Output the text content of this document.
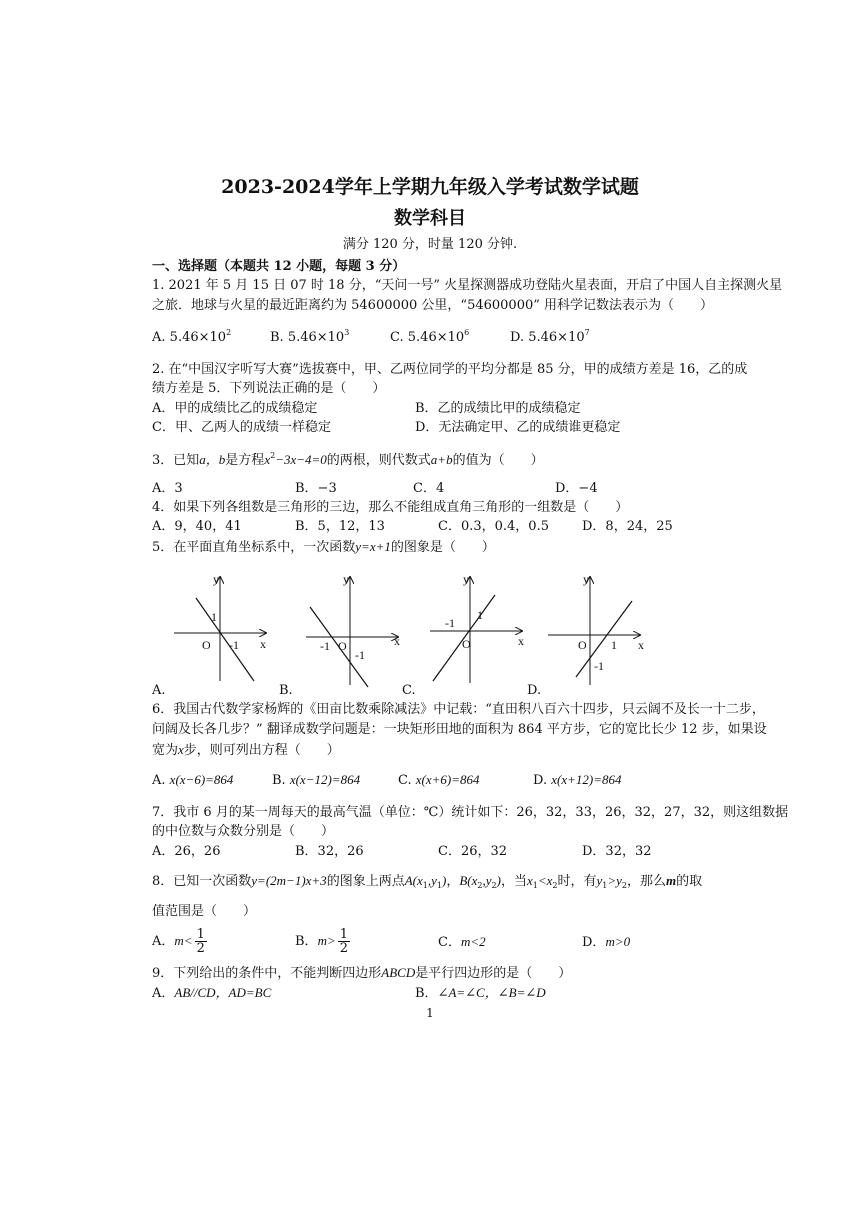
2023-2024学年上学期九年级入学考试数学试题
数学科目
满分 120 分，时量 120 分钟.
一、选择题（本题共 12 小题，每题 3 分）
1. 2021 年 5 月 15 日 07 时 18 分，“天问一号” 火星探测器成功登陆火星表面，开启了中国人自主探测火星
之旅．地球与火星的最近距离约为 54600000 公里，“54600000” 用科学记数法表示为（　　）
A. $5.46\times 10^2$	B. $5.46\times 10^3$	C. $5.46\times 10^6$	D. $5.46\times 10^7$
2. 在“中国汉字听写大赛”选拔赛中，甲、乙两位同学的平均分都是 85 分，甲的成绩方差是 16，乙的成
绩方差是 5．下列说法正确的是（　　）
A．甲的成绩比乙的成绩稳定	B．乙的成绩比甲的成绩稳定
C．甲、乙两人的成绩一样稳定	D．无法确定甲、乙的成绩谁更稳定
3．已知a，b是方程$x^2-3x-4=0$的两根，则代数式a+b的值为（　　）
A．3	B．−3	C．4	D．−4
4．如果下列各组数是三角形的三边，那么不能组成直角三角形的一组数是（　　）
A．9，40，41	B．5，12，13	C．0.3，0.4，0.5	D．8，24，25
5．在平面直角坐标系中，一次函数y=x+1的图象是（　　）
y
x
O
1
-1
y
x
-1 O
-1
y
x
-1
1
O
y
x
O 1
-1
A.	B.	C.	D.
6．我国古代数学家杨辉的《田亩比数乘除减法》中记载：“直田积八百六十四步，只云阔不及长一十二步，
问阔及长各几步？” 翻译成数学问题是：一块矩形田地的面积为 864 平方步，它的宽比长少 12 步，如果设
宽为x步，则可列出方程（　　）
A. x(x−6)=864	B. x(x−12)=864	C. x(x+6)=864	D. x(x+12)=864
7．我市 6 月的某一周每天的最高气温（单位：℃）统计如下：26，32，33，26，32，27，32，则这组数据
的中位数与众数分别是（　　）
A．26，26	B．32，26	C．26，32	D．32，32
8．已知一次函数y=(2m−1)x+3的图象上两点$A(x_1,y_1)$，$B(x_2,y_2)$，当$x_1<x_2$时，有$y_1>y_2$，那么m的取
值范围是（　　）
A．$m< \frac{1}{2}$	B．$m> \frac{1}{2}$	C．m<2	D．m>0
9．下列给出的条件中，不能判断四边形ABCD是平行四边形的是（　　）
A．AB//CD，AD=BC	B．∠A=∠C，∠B=∠D
1
